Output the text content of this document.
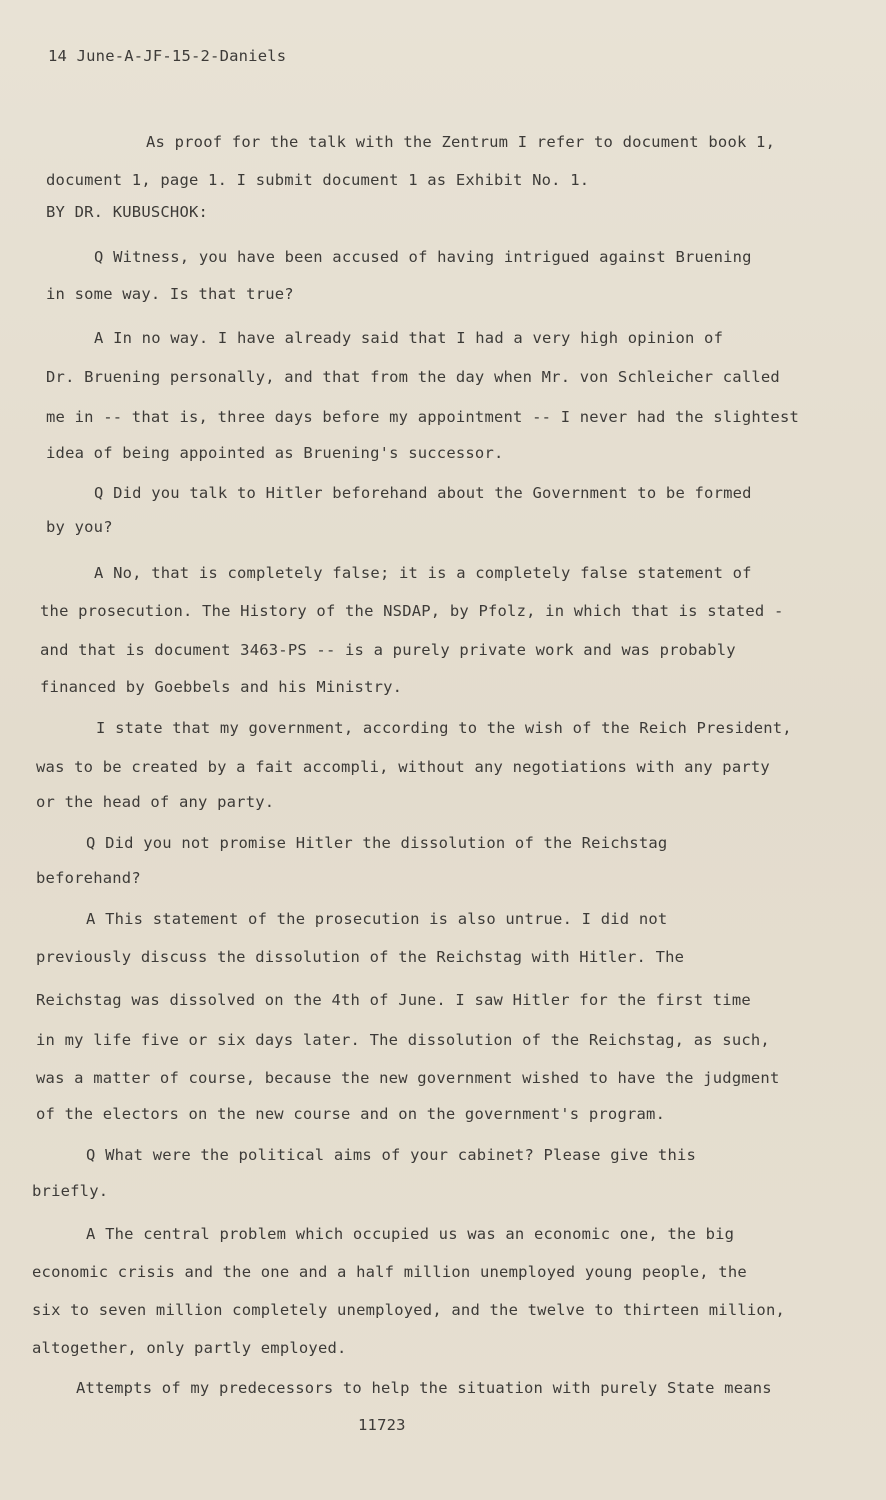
14 June-A-JF-15-2-Daniels
As proof for the talk with the Zentrum I refer to document book 1,
document 1, page 1. I submit document 1 as Exhibit No. 1.
BY DR. KUBUSCHOK:
Q Witness, you have been accused of having intrigued against Bruening
in some way. Is that true?
A In no way. I have already said that I had a very high opinion of
Dr. Bruening personally, and that from the day when Mr. von Schleicher called
me in -- that is, three days before my appointment -- I never had the slightest
idea of being appointed as Bruening's successor.
Q Did you talk to Hitler beforehand about the Government to be formed
by you?
A No, that is completely false; it is a completely false statement of
the prosecution. The History of the NSDAP, by Pfolz, in which that is stated -
and that is document 3463-PS -- is a purely private work and was probably
financed by Goebbels and his Ministry.
I state that my government, according to the wish of the Reich President,
was to be created by a fait accompli, without any negotiations with any party
or the head of any party.
Q Did you not promise Hitler the dissolution of the Reichstag
beforehand?
A This statement of the prosecution is also untrue. I did not
previously discuss the dissolution of the Reichstag with Hitler. The
Reichstag was dissolved on the 4th of June. I saw Hitler for the first time
in my life five or six days later. The dissolution of the Reichstag, as such,
was a matter of course, because the new government wished to have the judgment
of the electors on the new course and on the government's program.
Q What were the political aims of your cabinet? Please give this
briefly.
A The central problem which occupied us was an economic one, the big
economic crisis and the one and a half million unemployed young people, the
six to seven million completely unemployed, and the twelve to thirteen million,
altogether, only partly employed.
Attempts of my predecessors to help the situation with purely State means
11723
